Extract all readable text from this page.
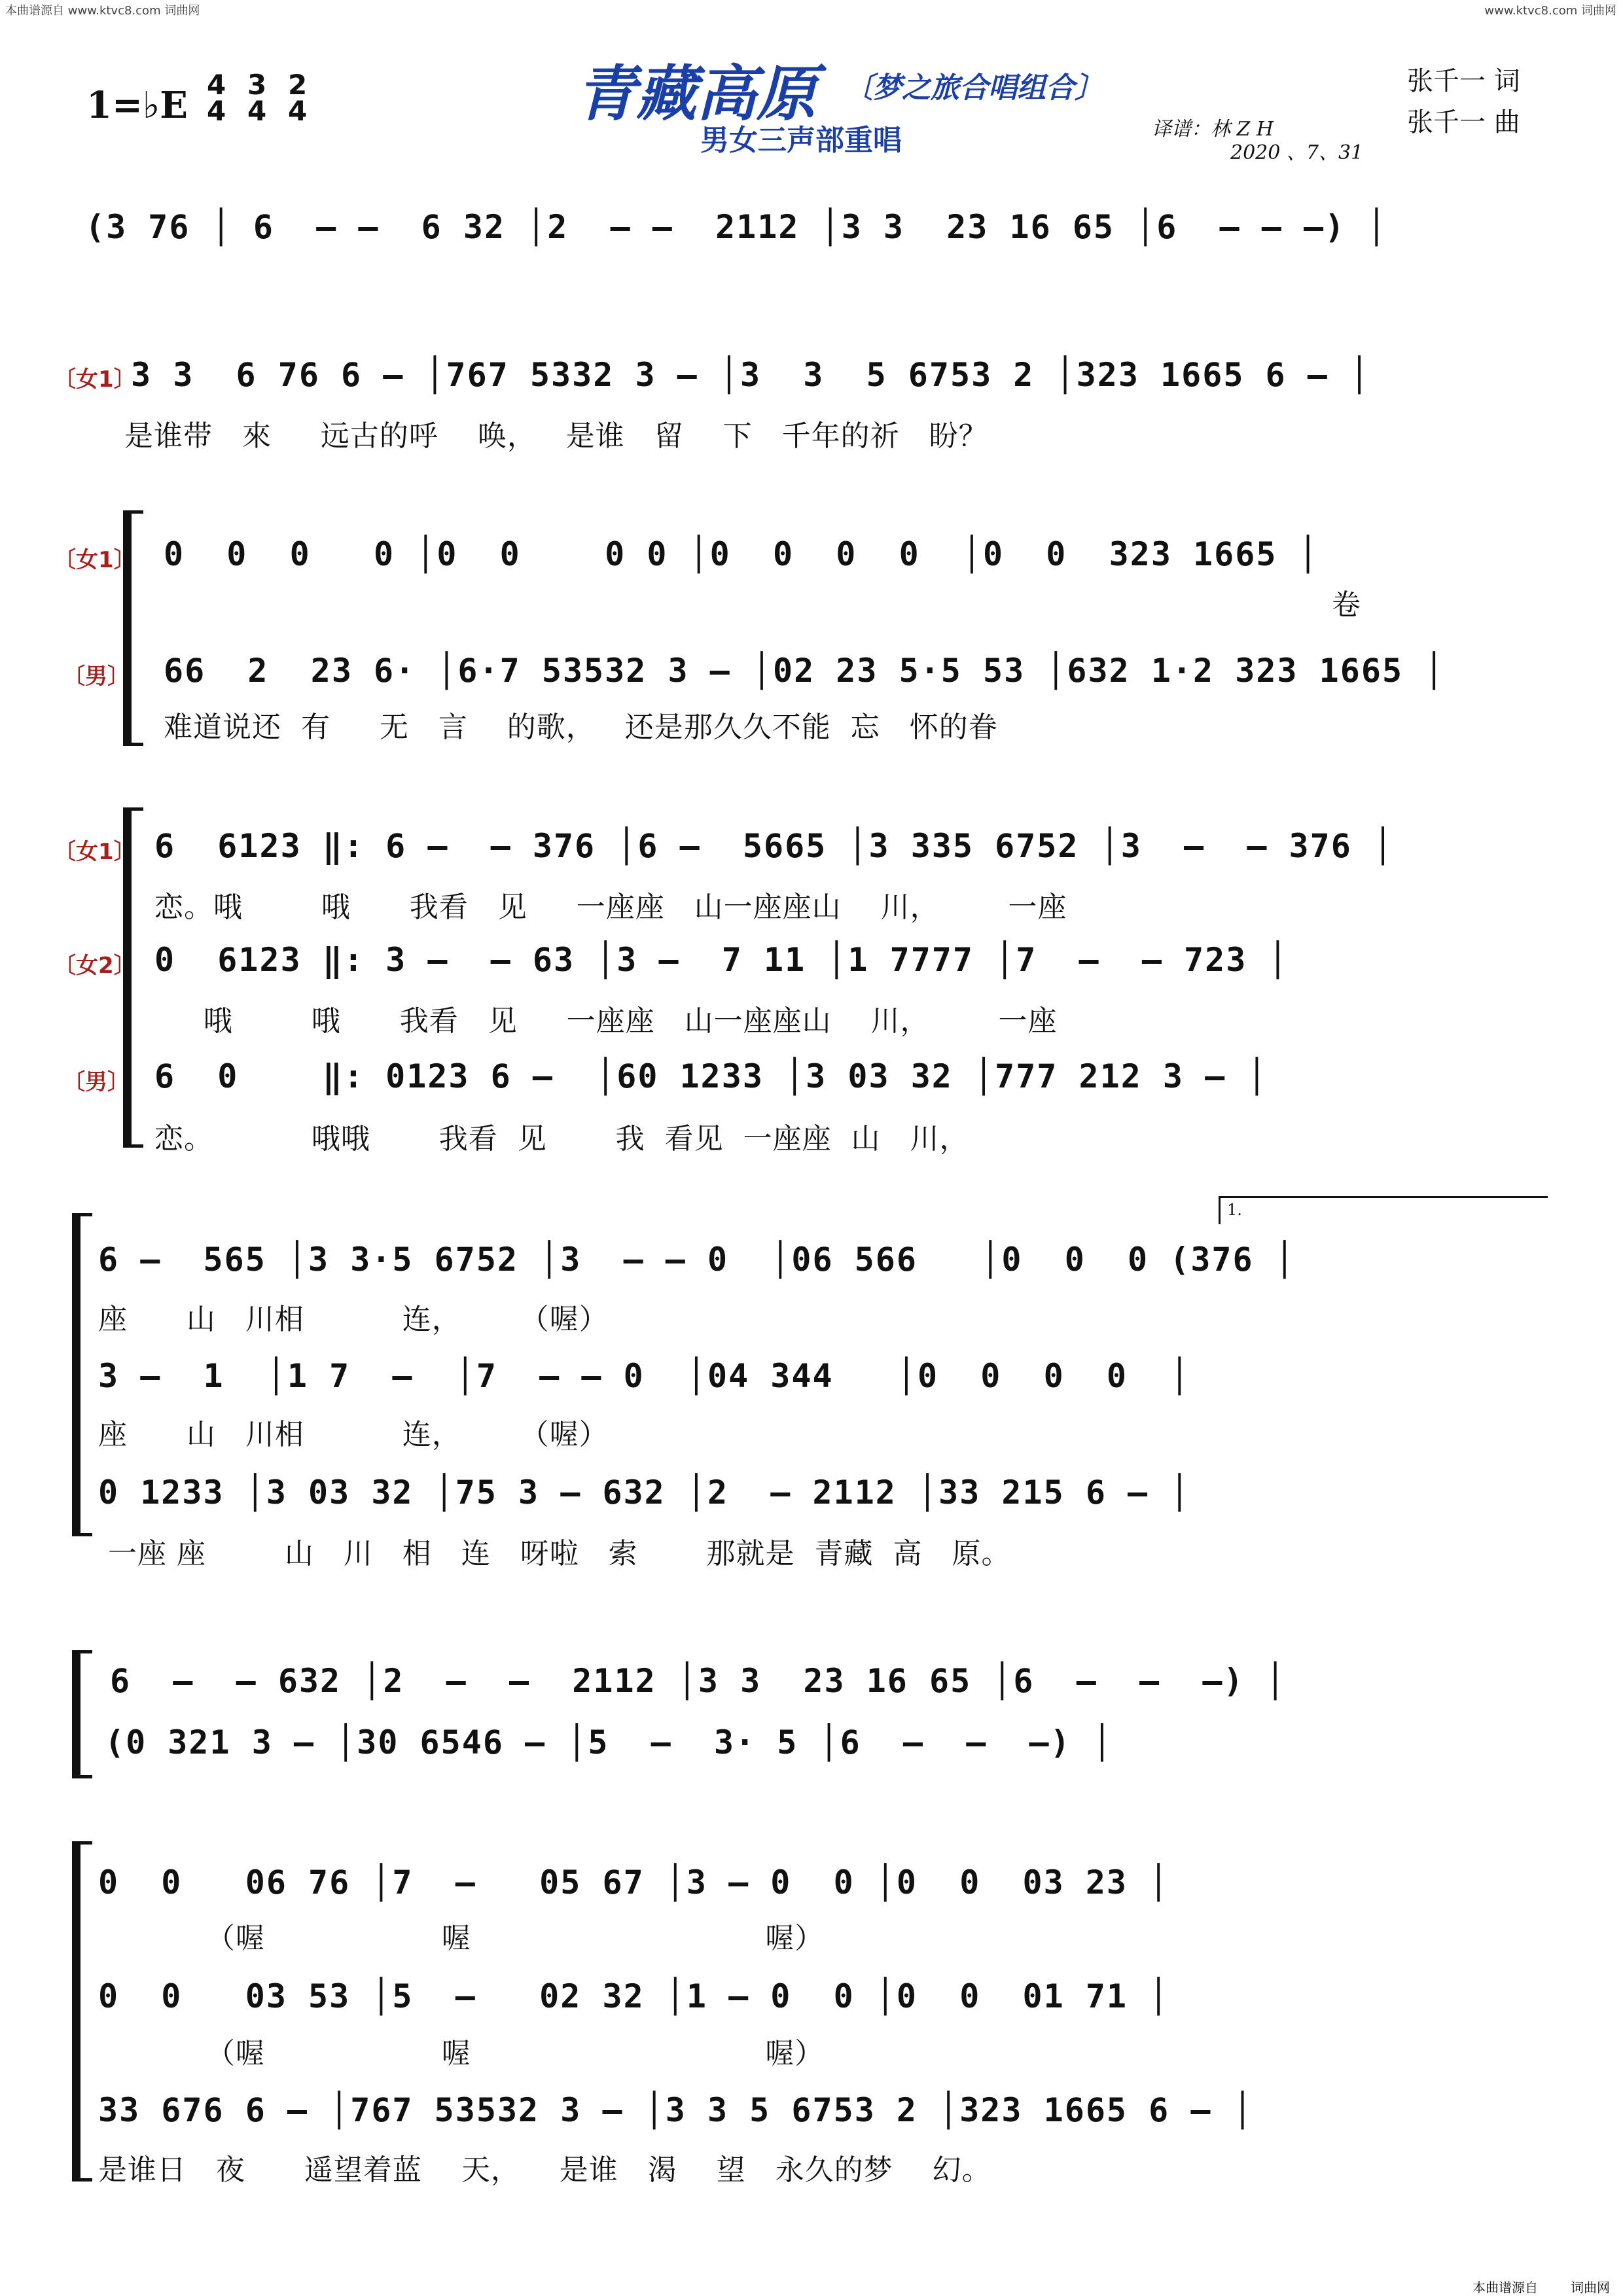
本曲谱源自 www.ktvc8.com 词曲网	www.ktvc8.com 词曲网
1=♭E 4
4
3
4
2
4	青藏高原 〔梦之旅合唱组合〕
男女三声部重唱
张千一 词
张千一 曲
译谱：林 Z H
2020 、7、31
(3 76 │ 6  – –  6 32 │2  – –  2112 │3 3  23 16 65 │6  – – –) │
〔女1〕
3 3  6 76 6 – │767 5332 3 – │3  3  5 6753 2 │323 1665 6 – │
是谁带   來     远古的呼    唤，   是谁   留    下   千年的祈   盼？
〔女1〕 0  0  0   0 │0  0    0 0 │0  0  0  0  │0  0  323 1665 │
卷
〔男〕 66  2  23 6· │6·7 53532 3 – │02 23 5·5 53 │632 1·2 323 1665 │
难道说还  有     无   言    的歌，   还是那久久不能  忘   怀的眷
〔女1〕 6  6123 ‖: 6 –  – 376 │6 –  5665 │3 335 6752 │3  –  – 376 │
恋。哦        哦      我看   见     一座座   山一座座山    川，       一座
〔女2〕 0  6123 ‖: 3 –  – 63 │3 –  7 11 │1 7777 │7  –  – 723 │
哦        哦      我看   见     一座座   山一座座山    川，       一座
〔男〕 6  0    ‖: 0123 6 –  │60 1233 │3 03 32 │777 212 3 – │
恋。          哦哦       我看  见       我  看见  一座座  山   川，
1.
6 –  565 │3 3·5 6752 │3  – – 0  │06 566   │0  0  0 (376 │
座      山   川相          连，      （喔）
3 –  1  │1 7  –  │7  – – 0  │04 344   │0  0  0  0  │
座      山   川相          连，      （喔）
0 1233 │3 03 32 │75 3 – 632 │2  – 2112 │33 215 6 – │
一座 座        山   川   相   连   呀啦   索       那就是  青藏  高   原。
6  –  – 632 │2  –  –  2112 │3 3  23 16 65 │6  –  –  –) │
(0 321 3 – │30 6546 – │5  –  3· 5 │6  –  –  –) │
0  0   06 76 │7  –   05 67 │3 – 0  0 │0  0  03 23 │
（喔                  喔                              喔）
0  0   03 53 │5  –   02 32 │1 – 0  0 │0  0  01 71 │
（喔                  喔                              喔）
33 676 6 – │767 53532 3 – │3 3 5 6753 2 │323 1665 6 – │
是谁日   夜      遥望着蓝    天，    是谁   渴    望   永久的梦    幻。
本曲谱源自	词曲网
